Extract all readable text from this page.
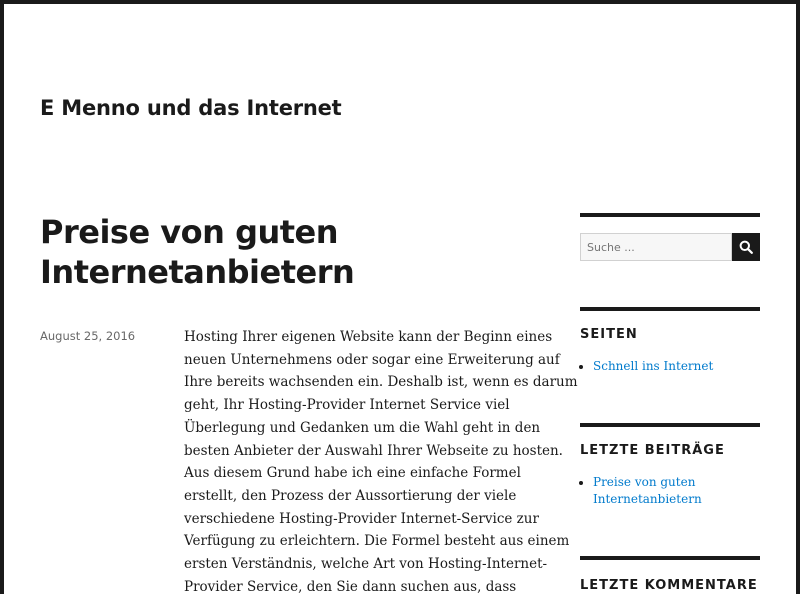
E Menno und das Internet

Preise von guten
Internetanbietern
August 25, 2016	Hosting Ihrer eigenen Website kann der Beginn eines
neuen Unternehmens oder sogar eine Erweiterung auf
Ihre bereits wachsenden ein. Deshalb ist, wenn es darum
geht, Ihr Hosting-Provider Internet Service viel
Überlegung und Gedanken um die Wahl geht in den
besten Anbieter der Auswahl Ihrer Webseite zu hosten.
Aus diesem Grund habe ich eine einfache Formel
erstellt, den Prozess der Aussortierung der viele
verschiedene Hosting-Provider Internet-Service zur
Verfügung zu erleichtern. Die Formel besteht aus einem
ersten Verständnis, welche Art von Hosting-Internet-
Provider Service, den Sie dann suchen aus, dass
Suche ...
SEITEN
• Schnell ins Internet
LETZTE BEITRÄGE
• Preise von guten Internetanbietern
LETZTE KOMMENTARE
